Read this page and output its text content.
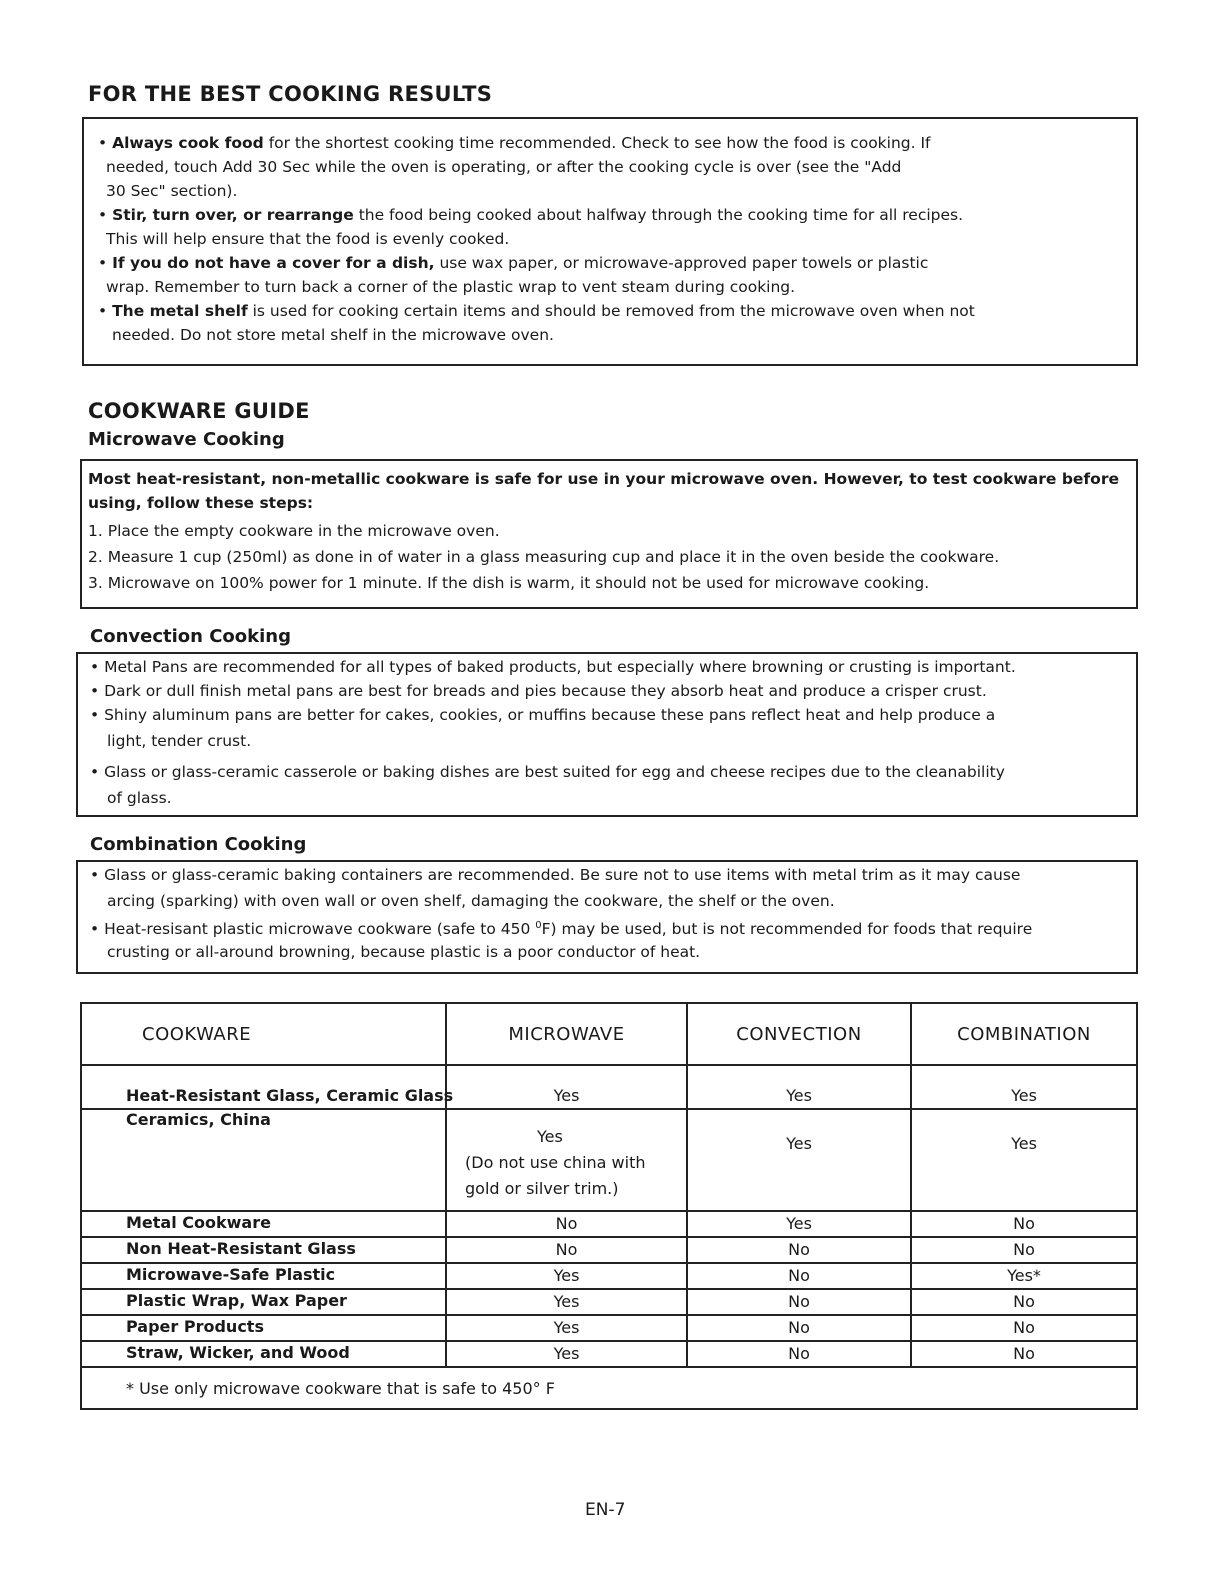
FOR THE BEST COOKING RESULTS
• Always cook food for the shortest cooking time recommended. Check to see how the food is cooking. If
needed, touch Add 30 Sec while the oven is operating, or after the cooking cycle is over (see the "Add
30 Sec" section).
• Stir, turn over, or rearrange the food being cooked about halfway through the cooking time for all recipes.
This will help ensure that the food is evenly cooked.
• If you do not have a cover for a dish, use wax paper, or microwave-approved paper towels or plastic
wrap. Remember to turn back a corner of the plastic wrap to vent steam during cooking.
• The metal shelf is used for cooking certain items and should be removed from the microwave oven when not
needed. Do not store metal shelf in the microwave oven.
COOKWARE GUIDE
Microwave Cooking
Most heat-resistant, non-metallic cookware is safe for use in your microwave oven. However, to test cookware before
using, follow these steps:
1. Place the empty cookware in the microwave oven.
2. Measure 1 cup (250ml) as done in of water in a glass measuring cup and place it in the oven beside the cookware.
3. Microwave on 100% power for 1 minute. If the dish is warm, it should not be used for microwave cooking.
Convection Cooking
• Metal Pans are recommended for all types of baked products, but especially where browning or crusting is important.
• Dark or dull finish metal pans are best for breads and pies because they absorb heat and produce a crisper crust.
• Shiny aluminum pans are better for cakes, cookies, or muffins because these pans reflect heat and help produce a
light, tender crust.
• Glass or glass-ceramic casserole or baking dishes are best suited for egg and cheese recipes due to the cleanability
of glass.
Combination Cooking
• Glass or glass-ceramic baking containers are recommended. Be sure not to use items with metal trim as it may cause
arcing (sparking) with oven wall or oven shelf, damaging the cookware, the shelf or the oven.
• Heat-resisant plastic microwave cookware (safe to 450 $^0$F) may be used, but is not recommended for foods that require
crusting or all-around browning, because plastic is a poor conductor of heat.
COOKWARE	MICROWAVE	CONVECTION	COMBINATION
Heat-Resistant Glass, Ceramic Glass	Yes	Yes	Yes
Ceramics, China	Yes
(Do not use china with
gold or silver trim.)	Yes	Yes
Metal Cookware	No	Yes	No
Non Heat-Resistant Glass	No	No	No
Microwave-Safe Plastic	Yes	No	Yes*
Plastic Wrap, Wax Paper	Yes	No	No
Paper Products	Yes	No	No
Straw, Wicker, and Wood	Yes	No	No
* Use only microwave cookware that is safe to 450° F			
EN-7
